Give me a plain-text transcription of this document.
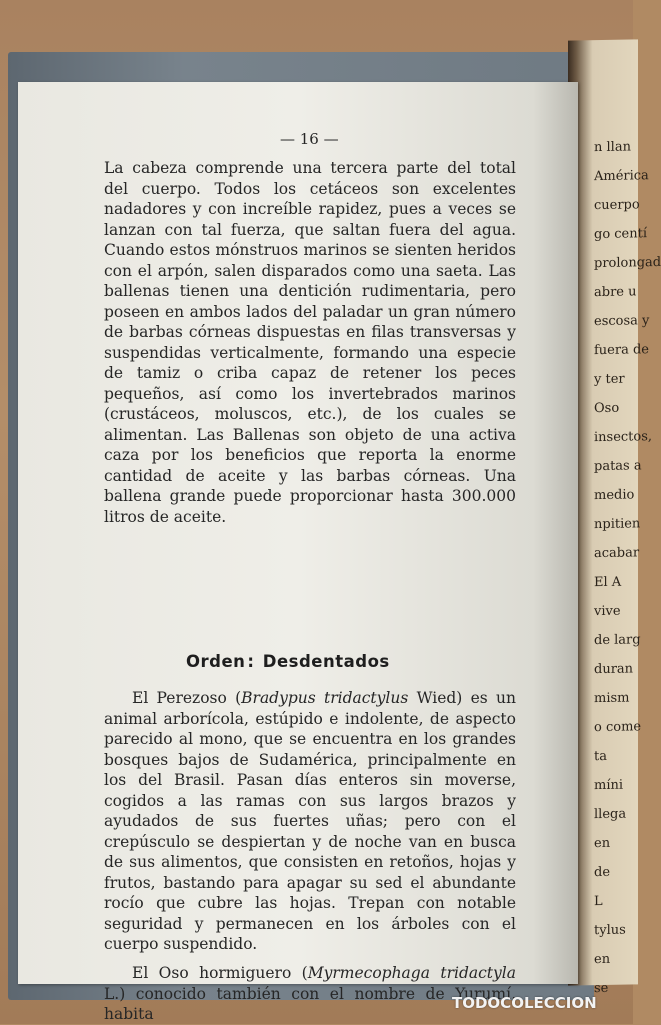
n llan
América
cuerpo
go centí
prolongad
abre u
escosa y
fuera de
y ter
Oso
insectos,
patas a
medio
npitien
acabar
El A
vive
de larg
duran
mism
o come
ta
míni
llega
en
de
L
tylus
en
se
— 16 —

La cabeza comprende una tercera parte del total del cuerpo. Todos los cetáceos son excelentes nadadores y con increíble rapidez, pues a veces se lanzan con tal fuerza, que saltan fuera del agua. Cuando estos mónstruos marinos se sienten heridos con el arpón, salen disparados como una saeta. Las ballenas tienen una dentición rudimentaria, pero poseen en ambos lados del paladar un gran número de barbas córneas dispuestas en filas transversas y suspendidas verticalmente, formando una especie de tamiz o criba capaz de retener los peces pequeños, así como los invertebrados marinos (crustáceos, moluscos, etc.), de los cuales se alimentan. Las Ballenas son objeto de una activa caza por los beneficios que reporta la enorme cantidad de aceite y las barbas córneas. Una ballena grande puede proporcionar hasta 300.000 litros de aceite.

Orden : Desdentados

El Perezoso (Bradypus tridactylus Wied) es un animal arborícola, estúpido e indolente, de aspecto parecido al mono, que se encuentra en los grandes bosques bajos de Sudaméricа, principalmente en los del Brasil. Pasan días enteros sin moverse, cogidos a las ramas con sus largos brazos y ayudados de sus fuertes uñas; pero con el crepúsculo se despiertan y de noche van en busca de sus alimentos, que consisten en retoños, hojas y frutos, bastando para apagar su sed el abundante rocío que cubre las hojas. Trepan con notable seguridad y permanecen en los árboles con el cuerpo suspendido.

El Oso hormiguero (Myrmecophaga tridactyla L.) conocido también con el nombre de Yurumí, habita

TODOCOLECCION
